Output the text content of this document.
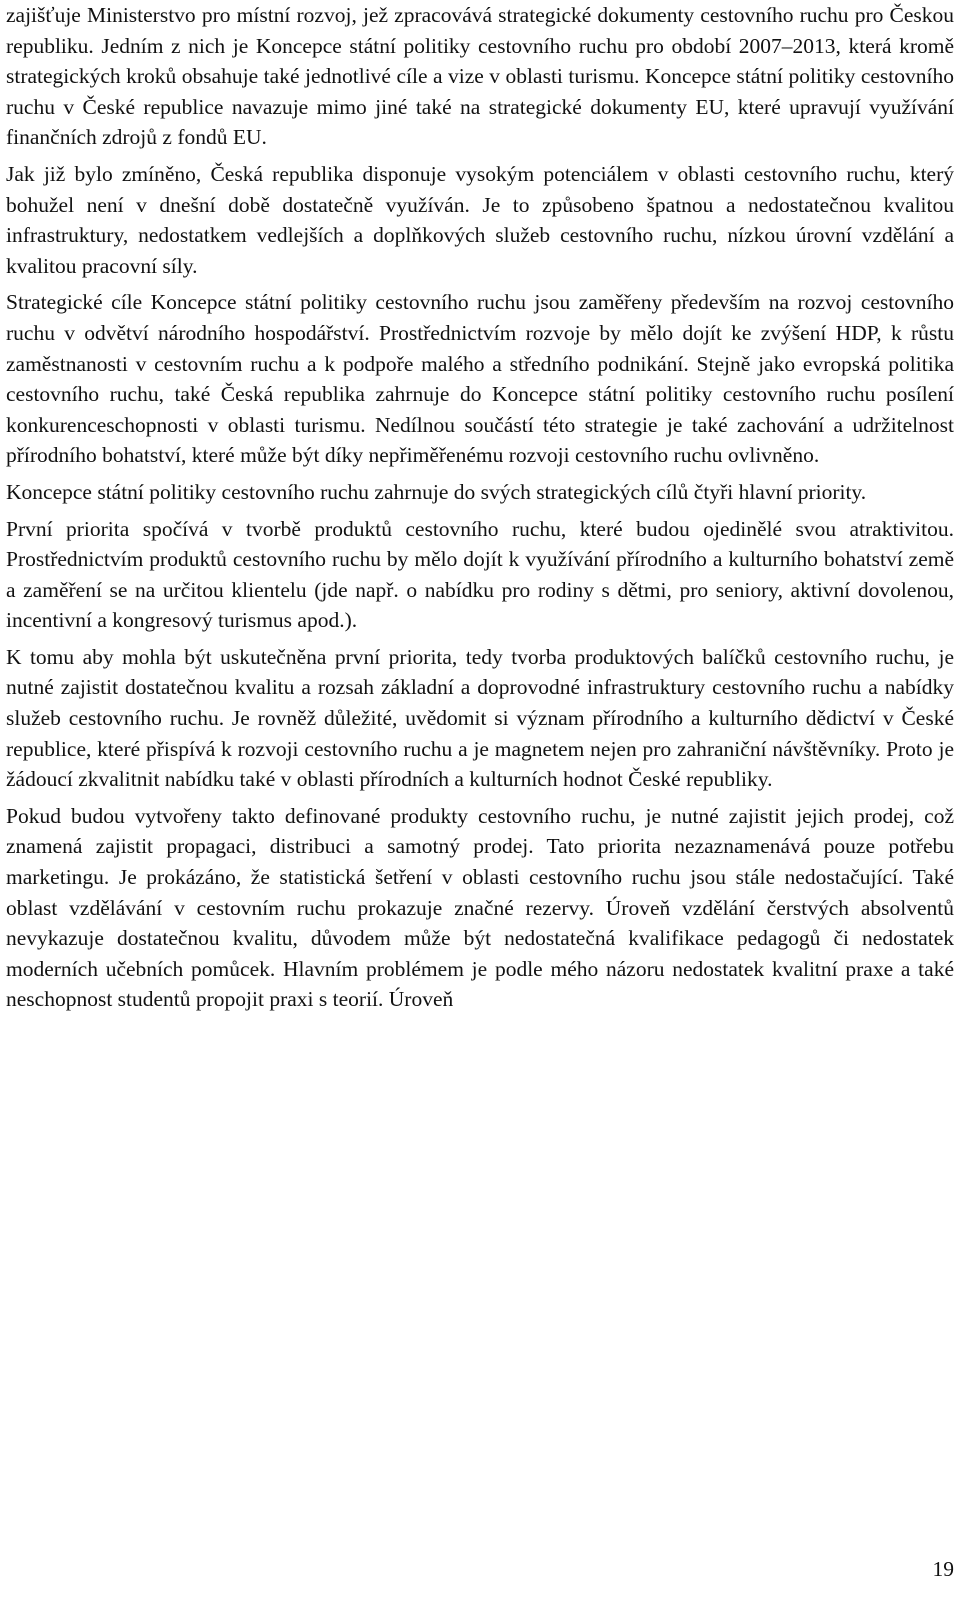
zajišťuje Ministerstvo pro místní rozvoj, jež zpracovává strategické dokumenty cestovního ruchu pro Českou republiku. Jedním z nich je Koncepce státní politiky cestovního ruchu pro období 2007–2013, která kromě strategických kroků obsahuje také jednotlivé cíle a vize v oblasti turismu. Koncepce státní politiky cestovního ruchu v České republice navazuje mimo jiné také na strategické dokumenty EU, které upravují využívání finančních zdrojů z fondů EU.

Jak již bylo zmíněno, Česká republika disponuje vysokým potenciálem v oblasti cestovního ruchu, který bohužel není v dnešní době dostatečně využíván. Je to způsobeno špatnou a nedostatečnou kvalitou infrastruktury, nedostatkem vedlejších a doplňkových služeb cestovního ruchu, nízkou úrovní vzdělání a kvalitou pracovní síly.

Strategické cíle Koncepce státní politiky cestovního ruchu jsou zaměřeny především na rozvoj cestovního ruchu v odvětví národního hospodářství. Prostřednictvím rozvoje by mělo dojít ke zvýšení HDP, k růstu zaměstnanosti v cestovním ruchu a k podpoře malého a středního podnikání. Stejně jako evropská politika cestovního ruchu, také Česká republika zahrnuje do Koncepce státní politiky cestovního ruchu posílení konkurenceschopnosti v oblasti turismu. Nedílnou součástí této strategie je také zachování a udržitelnost přírodního bohatství, které může být díky nepřiměřenému rozvoji cestovního ruchu ovlivněno.

Koncepce státní politiky cestovního ruchu zahrnuje do svých strategických cílů čtyři hlavní priority.

První priorita spočívá v tvorbě produktů cestovního ruchu, které budou ojedinělé svou atraktivitou. Prostřednictvím produktů cestovního ruchu by mělo dojít k využívání přírodního a kulturního bohatství země a zaměření se na určitou klientelu (jde např. o nabídku pro rodiny s dětmi, pro seniory, aktivní dovolenou, incentivní a kongresový turismus apod.).

K tomu aby mohla být uskutečněna první priorita, tedy tvorba produktových balíčků cestovního ruchu, je nutné zajistit dostatečnou kvalitu a rozsah základní a doprovodné infrastruktury cestovního ruchu a nabídky služeb cestovního ruchu. Je rovněž důležité, uvědomit si význam přírodního a kulturního dědictví v České republice, které přispívá k rozvoji cestovního ruchu a je magnetem nejen pro zahraniční návštěvníky. Proto je žádoucí zkvalitnit nabídku také v oblasti přírodních a kulturních hodnot České republiky.

Pokud budou vytvořeny takto definované produkty cestovního ruchu, je nutné zajistit jejich prodej, což znamená zajistit propagaci, distribuci a samotný prodej. Tato priorita nezaznamenává pouze potřebu marketingu. Je prokázáno, že statistická šetření v oblasti cestovního ruchu jsou stále nedostačující. Také oblast vzdělávání v cestovním ruchu prokazuje značné rezervy. Úroveň vzdělání čerstvých absolventů nevykazuje dostatečnou kvalitu, důvodem může být nedostatečná kvalifikace pedagogů či nedostatek moderních učebních pomůcek. Hlavním problémem je podle mého názoru nedostatek kvalitní praxe a také neschopnost studentů propojit praxi s teorií. Úroveň

19
